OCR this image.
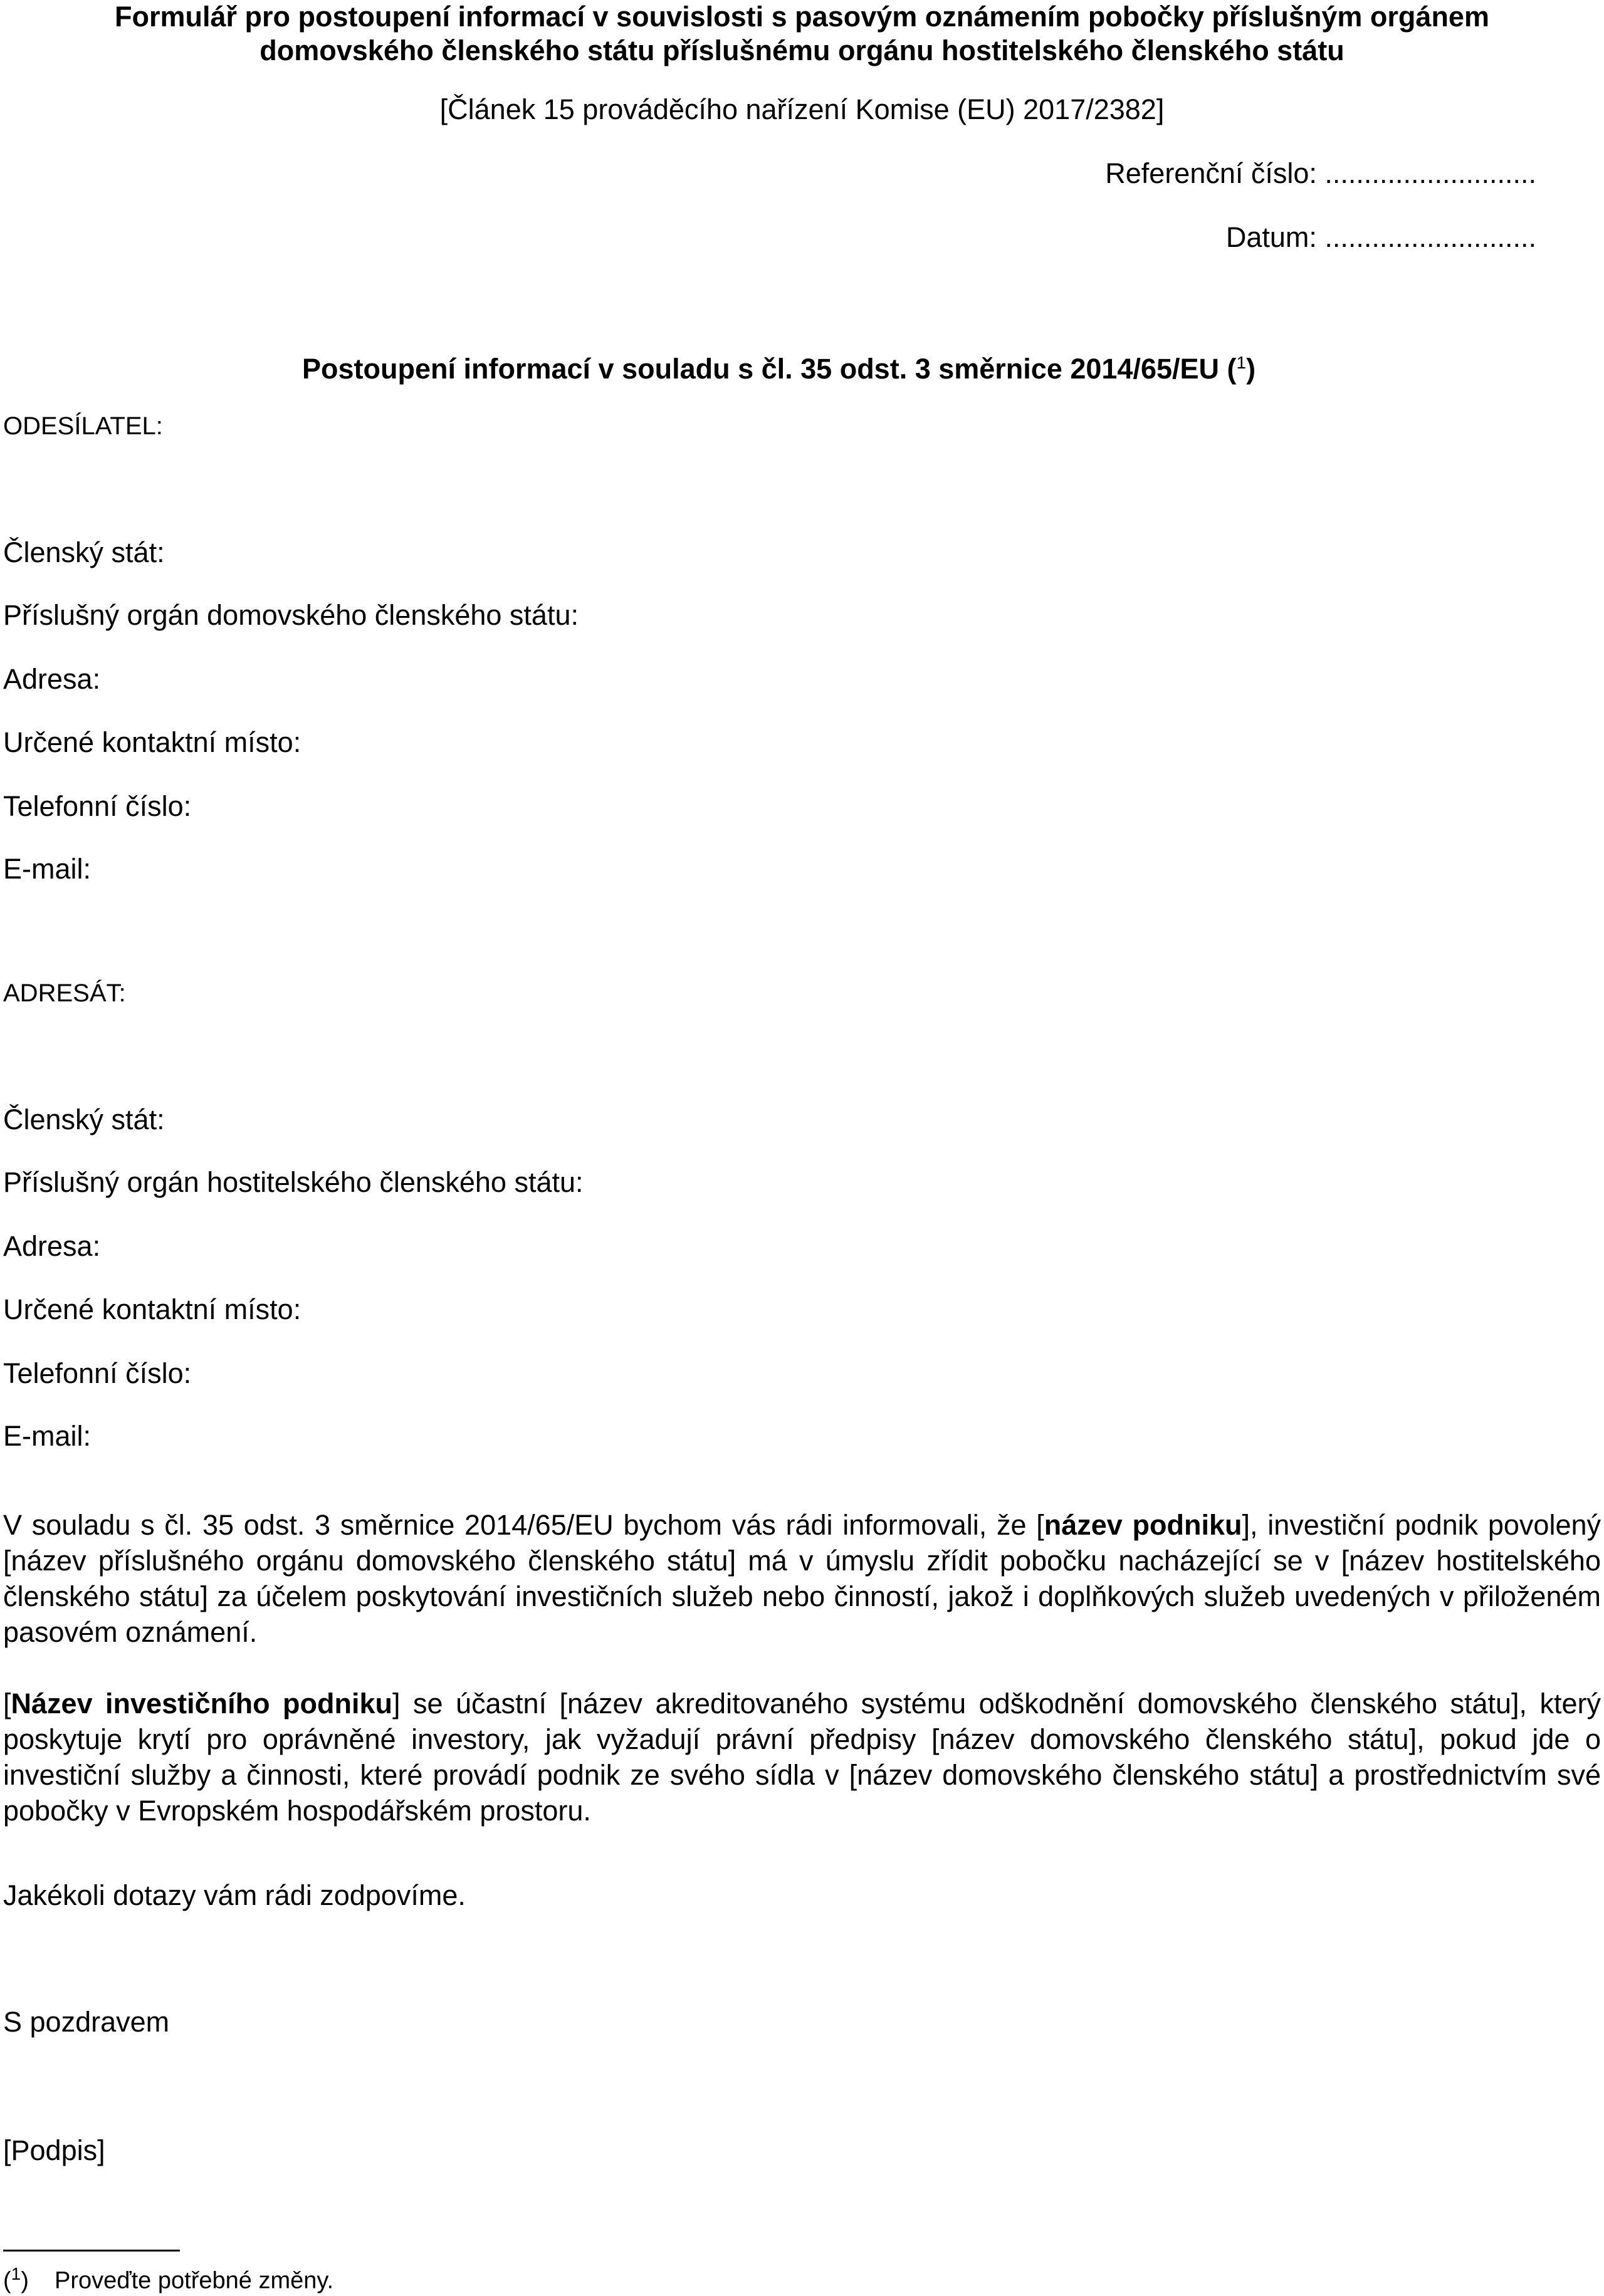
Formulář pro postoupení informací v souvislosti s pasovým oznámením pobočky příslušným orgánem
domovského členského státu příslušnému orgánu hostitelského členského státu
[Článek 15 prováděcího nařízení Komise (EU) 2017/2382]
Referenční číslo: ...........................
Datum: ...........................
Postoupení informací v souladu s čl. 35 odst. 3 směrnice 2014/65/EU ($^1$)
ODESÍLATEL:
Členský stát:
Příslušný orgán domovského členského státu:
Adresa:
Určené kontaktní místo:
Telefonní číslo:
E-mail:
ADRESÁT:
Členský stát:
Příslušný orgán hostitelského členského státu:
Adresa:
Určené kontaktní místo:
Telefonní číslo:
E-mail:
V souladu s čl. 35 odst. 3 směrnice 2014/65/EU bychom vás rádi informovali, že [název podniku], investiční podnik povolený [název příslušného orgánu domovského členského státu] má v úmyslu zřídit pobočku nacházející se v [název hostitelského členského státu] za účelem poskytování investičních služeb nebo činností, jakož i doplňkových služeb uvedených v přiloženém pasovém oznámení.
[Název investičního podniku] se účastní [název akreditovaného systému odškodnění domovského členského státu], který poskytuje krytí pro oprávněné investory, jak vyžadují právní předpisy [název domovského členského státu], pokud jde o investiční služby a činnosti, které provádí podnik ze svého sídla v [název domovského členského státu] a prostřednictvím své pobočky v Evropském hospodářském prostoru.
Jakékoli dotazy vám rádi zodpovíme.
S pozdravem
[Podpis]
($^1$) Proveďte potřebné změny.
